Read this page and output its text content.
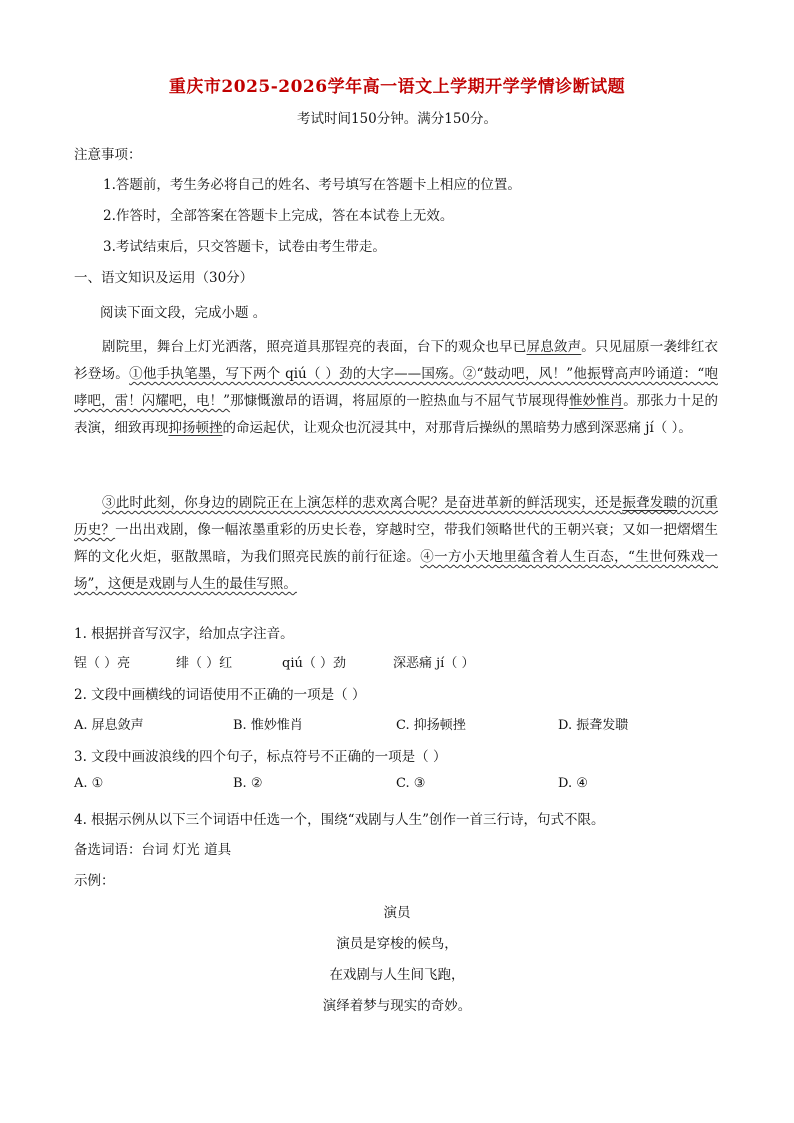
重庆市2025-2026学年高一语文上学期开学学情诊断试题
考试时间150分钟。满分150分。
注意事项：
1.答题前，考生务必将自己的姓名、考号填写在答题卡上相应的位置。
2.作答时，全部答案在答题卡上完成，答在本试卷上无效。
3.考试结束后，只交答题卡，试卷由考生带走。
一、语文知识及运用（30分）
阅读下面文段，完成小题 。
剧院里，舞台上灯光洒落，照亮道具那锃亮的表面，台下的观众也早已屏息敛声。只见屈原一袭绯红衣衫登场。①他手执笔墨，写下两个 qiú（ ）劲的大字——国殇。②“鼓动吧，风！”他振臂高声吟诵道：“咆哮吧，雷！闪耀吧，电！”那慷慨激昂的语调，将屈原的一腔热血与不屈气节展现得惟妙惟肖。那张力十足的表演，细致再现抑扬顿挫的命运起伏，让观众也沉浸其中，对那背后操纵的黑暗势力感到深恶痛 jí（ ）。
③此时此刻，你身边的剧院正在上演怎样的悲欢离合呢？是奋进革新的鲜活现实，还是振聋发聩的沉重历史？一出出戏剧，像一幅浓墨重彩的历史长卷，穿越时空，带我们领略世代的王朝兴衰；又如一把熠熠生辉的文化火炬，驱散黑暗，为我们照亮民族的前行征途。④一方小天地里蕴含着人生百态，“生世何殊戏一场”，这便是戏剧与人生的最佳写照。
1. 根据拼音写汉字，给加点字注音。
锃（ ）亮	绯（ ）红	qiú（ ）劲	深恶痛 jí（ ）
2. 文段中画横线的词语使用不正确的一项是（ ）
A. 屏息敛声	B. 惟妙惟肖	C. 抑扬顿挫	D. 振聋发聩
3. 文段中画波浪线的四个句子，标点符号不正确的一项是（ ）
A. ①	B. ②	C. ③	D. ④
4. 根据示例从以下三个词语中任选一个，围绕“戏剧与人生”创作一首三行诗，句式不限。
备选词语：台词 灯光 道具
示例：
演员
演员是穿梭的候鸟，
在戏剧与人生间飞跑，
演绎着梦与现实的奇妙。
